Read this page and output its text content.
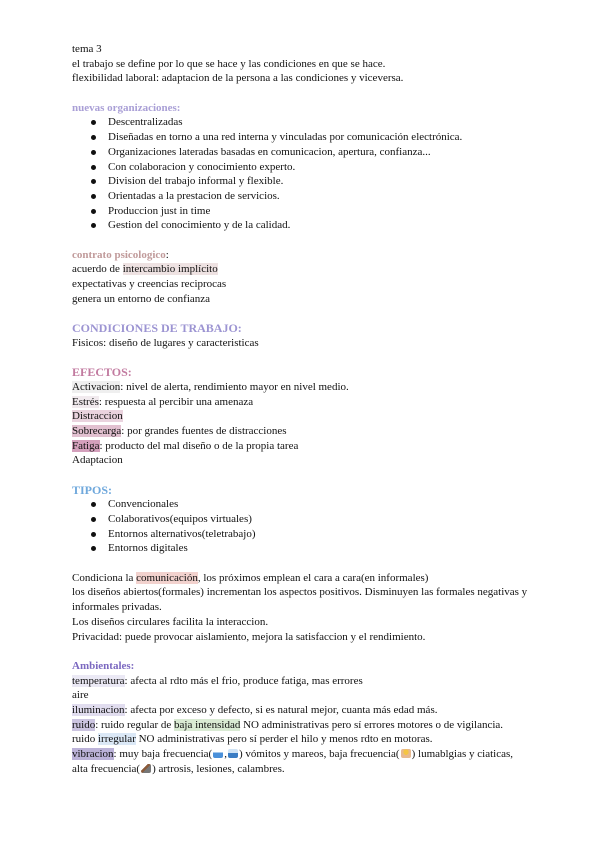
tema 3
el trabajo se define por lo que se hace y las condiciones en que se hace.
flexibilidad laboral: adaptacion de la persona a las condiciones y viceversa.
nuevas organizaciones:
Descentralizadas
Diseñadas en torno a una red interna y vinculadas por comunicación electrónica.
Organizaciones lateradas basadas en comunicacion, apertura, confianza...
Con colaboracion y conocimiento experto.
Division del trabajo informal y flexible.
Orientadas a la prestacion de servicios.
Produccion just in time
Gestion del conocimiento y de la calidad.
contrato psicologico:
acuerdo de intercambio implícito
expectativas y creencias reciprocas
genera un entorno de confianza
CONDICIONES DE TRABAJO:
Fisicos: diseño de lugares y caracteristicas
EFECTOS:
Activacion: nivel de alerta, rendimiento mayor en nivel medio.
Estrés: respuesta al percibir una amenaza
Distraccion
Sobrecarga: por grandes fuentes de distracciones
Fatiga: producto del mal diseño o de la propia tarea
Adaptacion
TIPOS:
Convencionales
Colaborativos(equipos virtuales)
Entornos alternativos(teletrabajo)
Entornos digitales
Condiciona la comunicación, los próximos emplean el cara a cara(en informales)
los diseños abiertos(formales) incrementan los aspectos positivos. Disminuyen las formales negativas y informales privadas.
Los diseños circulares facilita la interaccion.
Privacidad: puede provocar aislamiento, mejora la satisfaccion y el rendimiento.
Ambientales:
temperatura: afecta al rdto más el frio, produce fatiga, mas errores
aire
iluminacion: afecta por exceso y defecto, si es natural mejor, cuanta más edad más.
ruido: ruido regular de baja intensidad NO administrativas pero sí errores motores o de vigilancia.
ruido irregular NO administrativas pero sí perder el hilo y menos rdto en motoras.
vibracion: muy baja frecuencia( , ) vómitos y mareos, baja frecuencia( ) lumablgias y ciaticas,
alta frecuencia( ) artrosis, lesiones, calambres.
